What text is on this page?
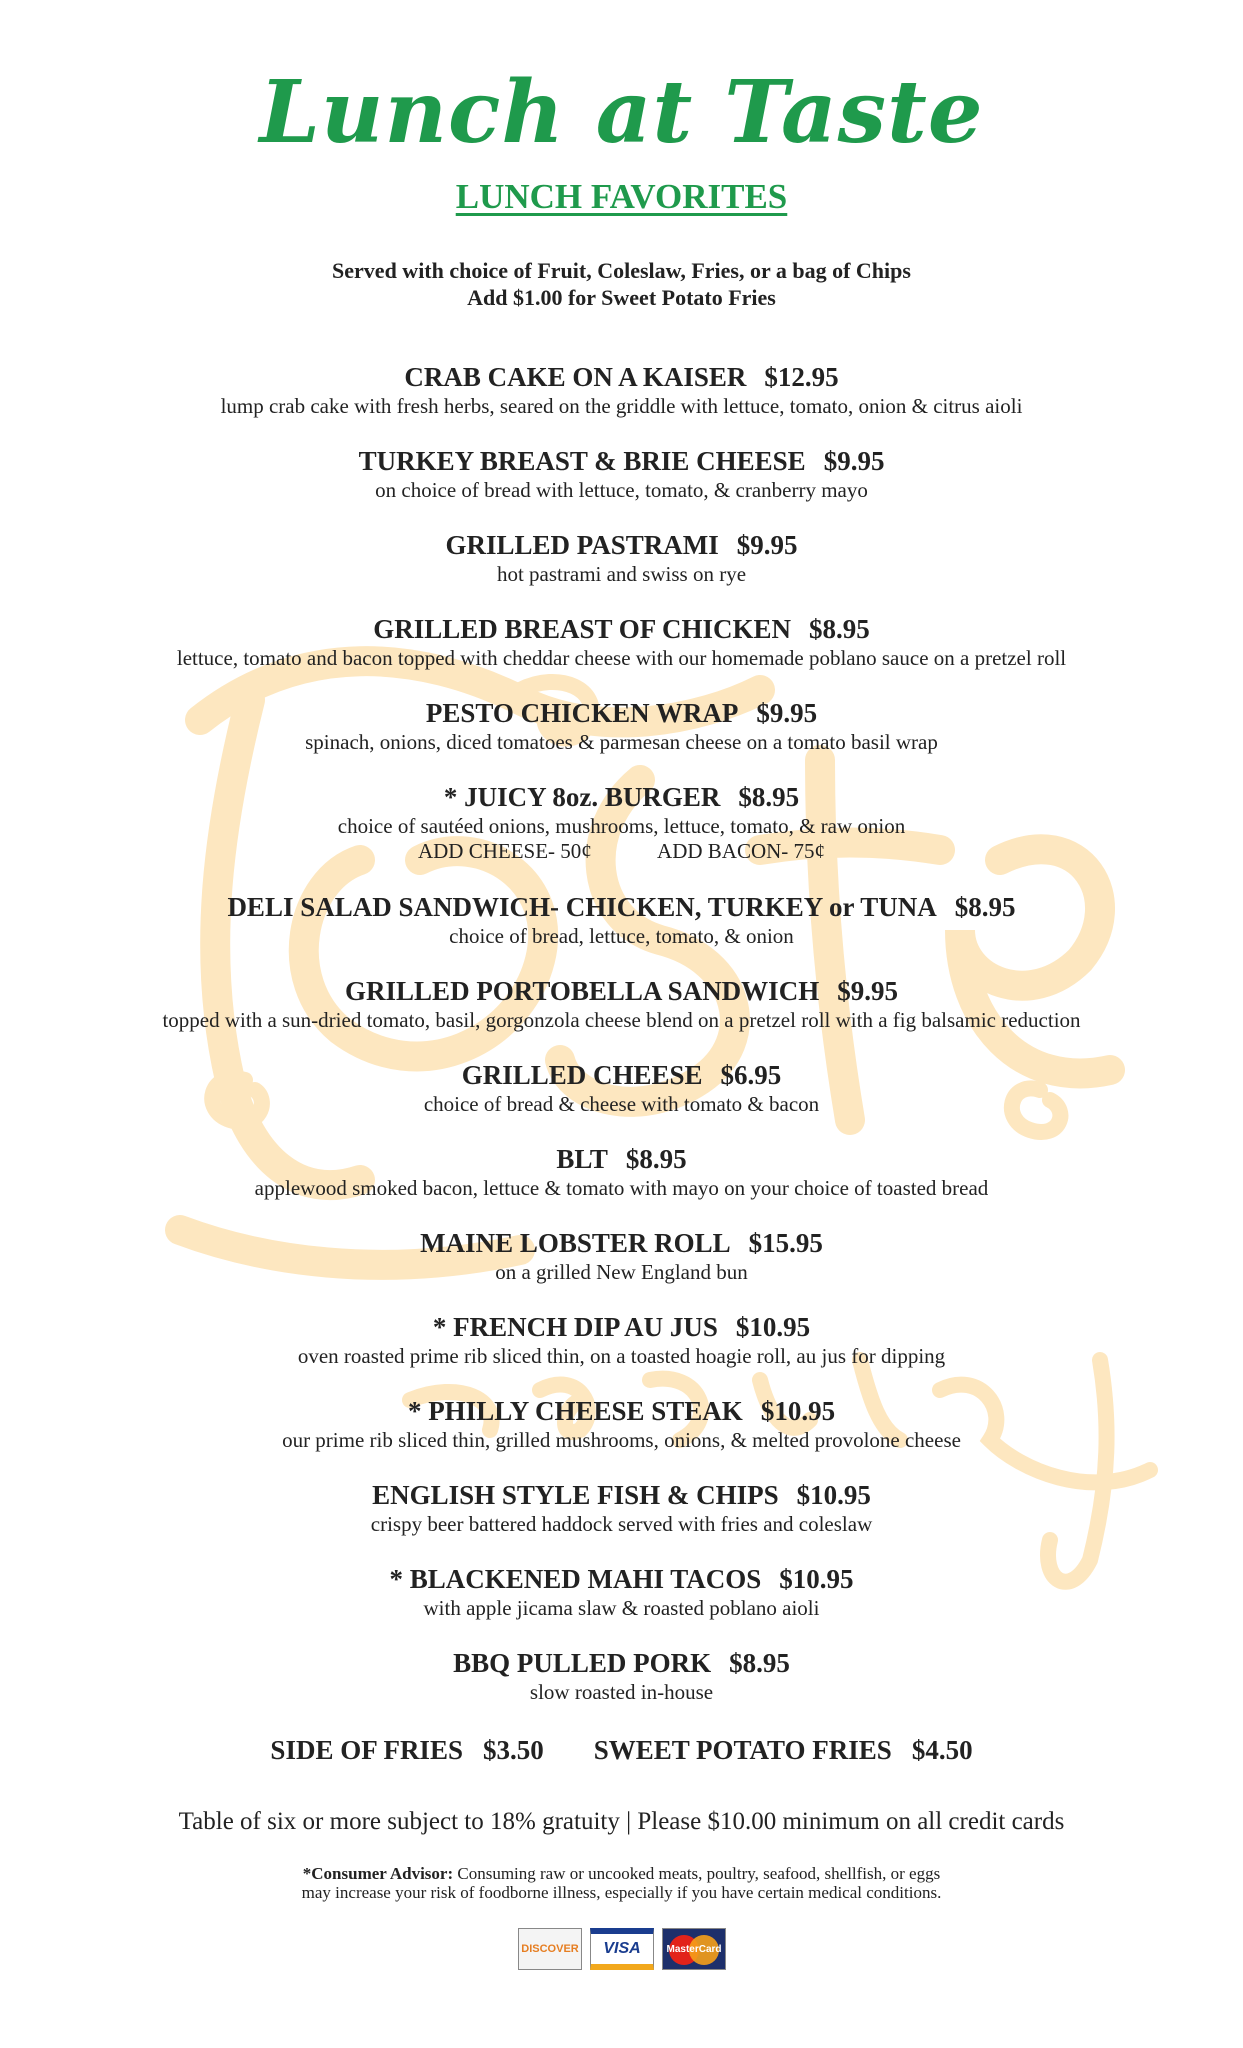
Lunch at Taste
LUNCH FAVORITES
Served with choice of Fruit, Coleslaw, Fries, or a bag of Chips
Add $1.00 for Sweet Potato Fries
CRAB CAKE ON A KAISER $12.95
lump crab cake with fresh herbs, seared on the griddle with lettuce, tomato, onion & citrus aioli
TURKEY BREAST & BRIE CHEESE $9.95
on choice of bread with lettuce, tomato, & cranberry mayo
GRILLED PASTRAMI $9.95
hot pastrami and swiss on rye
GRILLED BREAST OF CHICKEN $8.95
lettuce, tomato and bacon topped with cheddar cheese with our homemade poblano sauce on a pretzel roll
PESTO CHICKEN WRAP $9.95
spinach, onions, diced tomatoes & parmesan cheese on a tomato basil wrap
* JUICY 8oz. BURGER $8.95
choice of sautéed onions, mushrooms, lettuce, tomato, & raw onion
ADD CHEESE- 50¢	ADD BACON- 75¢
DELI SALAD SANDWICH- CHICKEN, TURKEY or TUNA $8.95
choice of bread, lettuce, tomato, & onion
GRILLED PORTOBELLA SANDWICH $9.95
topped with a sun-dried tomato, basil, gorgonzola cheese blend on a pretzel roll with a fig balsamic reduction
GRILLED CHEESE $6.95
choice of bread & cheese with tomato & bacon
BLT $8.95
applewood smoked bacon, lettuce & tomato with mayo on your choice of toasted bread
MAINE LOBSTER ROLL $15.95
on a grilled New England bun
* FRENCH DIP AU JUS $10.95
oven roasted prime rib sliced thin, on a toasted hoagie roll, au jus for dipping
* PHILLY CHEESE STEAK $10.95
our prime rib sliced thin, grilled mushrooms, onions, & melted provolone cheese
ENGLISH STYLE FISH & CHIPS $10.95
crispy beer battered haddock served with fries and coleslaw
* BLACKENED MAHI TACOS $10.95
with apple jicama slaw & roasted poblano aioli
BBQ PULLED PORK $8.95
slow roasted in-house
SIDE OF FRIES $3.50 SWEET POTATO FRIES $4.50
Table of six or more subject to 18% gratuity | Please $10.00 minimum on all credit cards
*Consumer Advisor: Consuming raw or uncooked meats, poultry, seafood, shellfish, or eggs
may increase your risk of foodborne illness, especially if you have certain medical conditions.
DISCOVER VISA	MasterCard
